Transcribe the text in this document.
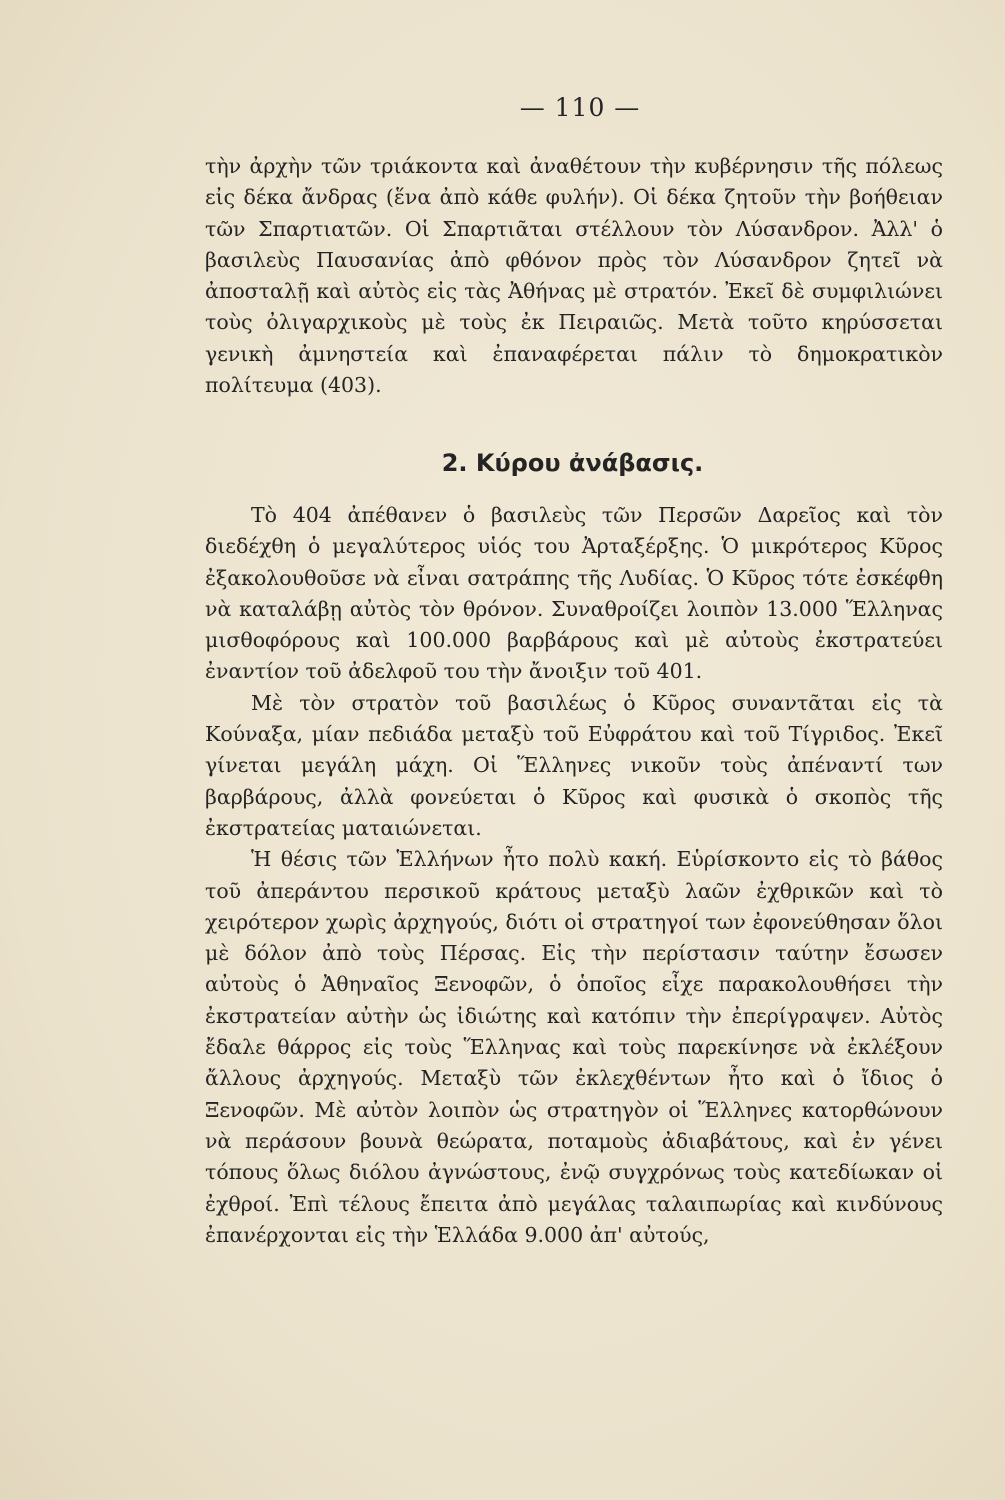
— 110 —

τὴν ἀρχὴν τῶν τριάκοντα καὶ ἀναθέτουν τὴν κυβέρνησιν τῆς πόλεως εἰς δέκα ἄνδρας (ἕνα ἀπὸ κάθε φυλήν). Οἱ δέκα ζητοῦν τὴν βοήθειαν τῶν Σπαρτιατῶν. Οἱ Σπαρτιᾶται στέλλουν τὸν Λύσανδρον. Ἀλλ' ὁ βασιλεὺς Παυσανίας ἀπὸ φθόνον πρὸς τὸν Λύσανδρον ζητεῖ νὰ ἀποσταλῇ καὶ αὐτὸς εἰς τὰς Ἀθήνας μὲ στρατόν. Ἐκεῖ δὲ συμφιλιώνει τοὺς ὀλιγαρχικοὺς μὲ τοὺς ἐκ Πειραιῶς. Μετὰ τοῦτο κηρύσσεται γενικὴ ἀμνηστεία καὶ ἐπαναφέρεται πάλιν τὸ δημοκρατικὸν πολίτευμα (403).

2. Κύρου ἀνάβασις.

Τὸ 404 ἀπέθανεν ὁ βασιλεὺς τῶν Περσῶν Δαρεῖος καὶ τὸν διεδέχθη ὁ μεγαλύτερος υἱός του Ἀρταξέρξης. Ὁ μικρότερος Κῦρος ἐξακολουθοῦσε νὰ εἶναι σατράπης τῆς Λυδίας. Ὁ Κῦρος τότε ἐσκέφθη νὰ καταλάβῃ αὐτὸς τὸν θρόνον. Συναθροίζει λοιπὸν 13.000 Ἕλληνας μισθοφόρους καὶ 100.000 βαρβάρους καὶ μὲ αὐτοὺς ἐκστρατεύει ἐναντίον τοῦ ἀδελφοῦ του τὴν ἄνοιξιν τοῦ 401.

Μὲ τὸν στρατὸν τοῦ βασιλέως ὁ Κῦρος συναντᾶται εἰς τὰ Κούναξα, μίαν πεδιάδα μεταξὺ τοῦ Εὐφράτου καὶ τοῦ Τίγριδος. Ἐκεῖ γίνεται μεγάλη μάχη. Οἱ Ἕλληνες νικοῦν τοὺς ἀπέναντί των βαρβάρους, ἀλλὰ φονεύεται ὁ Κῦρος καὶ φυσικὰ ὁ σκοπὸς τῆς ἐκστρατείας ματαιώνεται.

Ἡ θέσις τῶν Ἑλλήνων ἦτο πολὺ κακή. Εὑρίσκοντο εἰς τὸ βάθος τοῦ ἀπεράντου περσικοῦ κράτους μεταξὺ λαῶν ἐχθρικῶν καὶ τὸ χειρότερον χωρὶς ἀρχηγούς, διότι οἱ στρατηγοί των ἐφονεύθησαν ὅλοι μὲ δόλον ἀπὸ τοὺς Πέρσας. Εἰς τὴν περίστασιν ταύτην ἔσωσεν αὐτοὺς ὁ Ἀθηναῖος Ξενοφῶν, ὁ ὁποῖος εἶχε παρακολουθήσει τὴν ἐκστρατείαν αὐτὴν ὡς ἰδιώτης καὶ κατόπιν τὴν ἐπερίγραψεν. Αὐτὸς ἔδαλε θάρρος εἰς τοὺς Ἕλληνας καὶ τοὺς παρεκίνησε νὰ ἐκλέξουν ἄλλους ἀρχηγούς. Μεταξὺ τῶν ἐκλεχθέντων ἦτο καὶ ὁ ἴδιος ὁ Ξενοφῶν. Μὲ αὐτὸν λοιπὸν ὡς στρατηγὸν οἱ Ἕλληνες κατορθώνουν νὰ περάσουν βουνὰ θεώρατα, ποταμοὺς ἀδιαβάτους, καὶ ἐν γένει τόπους ὅλως διόλου ἀγνώστους, ἐνῷ συγχρόνως τοὺς κατεδίωκαν οἱ ἐχθροί. Ἐπὶ τέλους ἔπειτα ἀπὸ μεγάλας ταλαιπωρίας καὶ κινδύνους ἐπανέρχονται εἰς τὴν Ἑλλάδα 9.000 ἀπ' αὐτούς,
